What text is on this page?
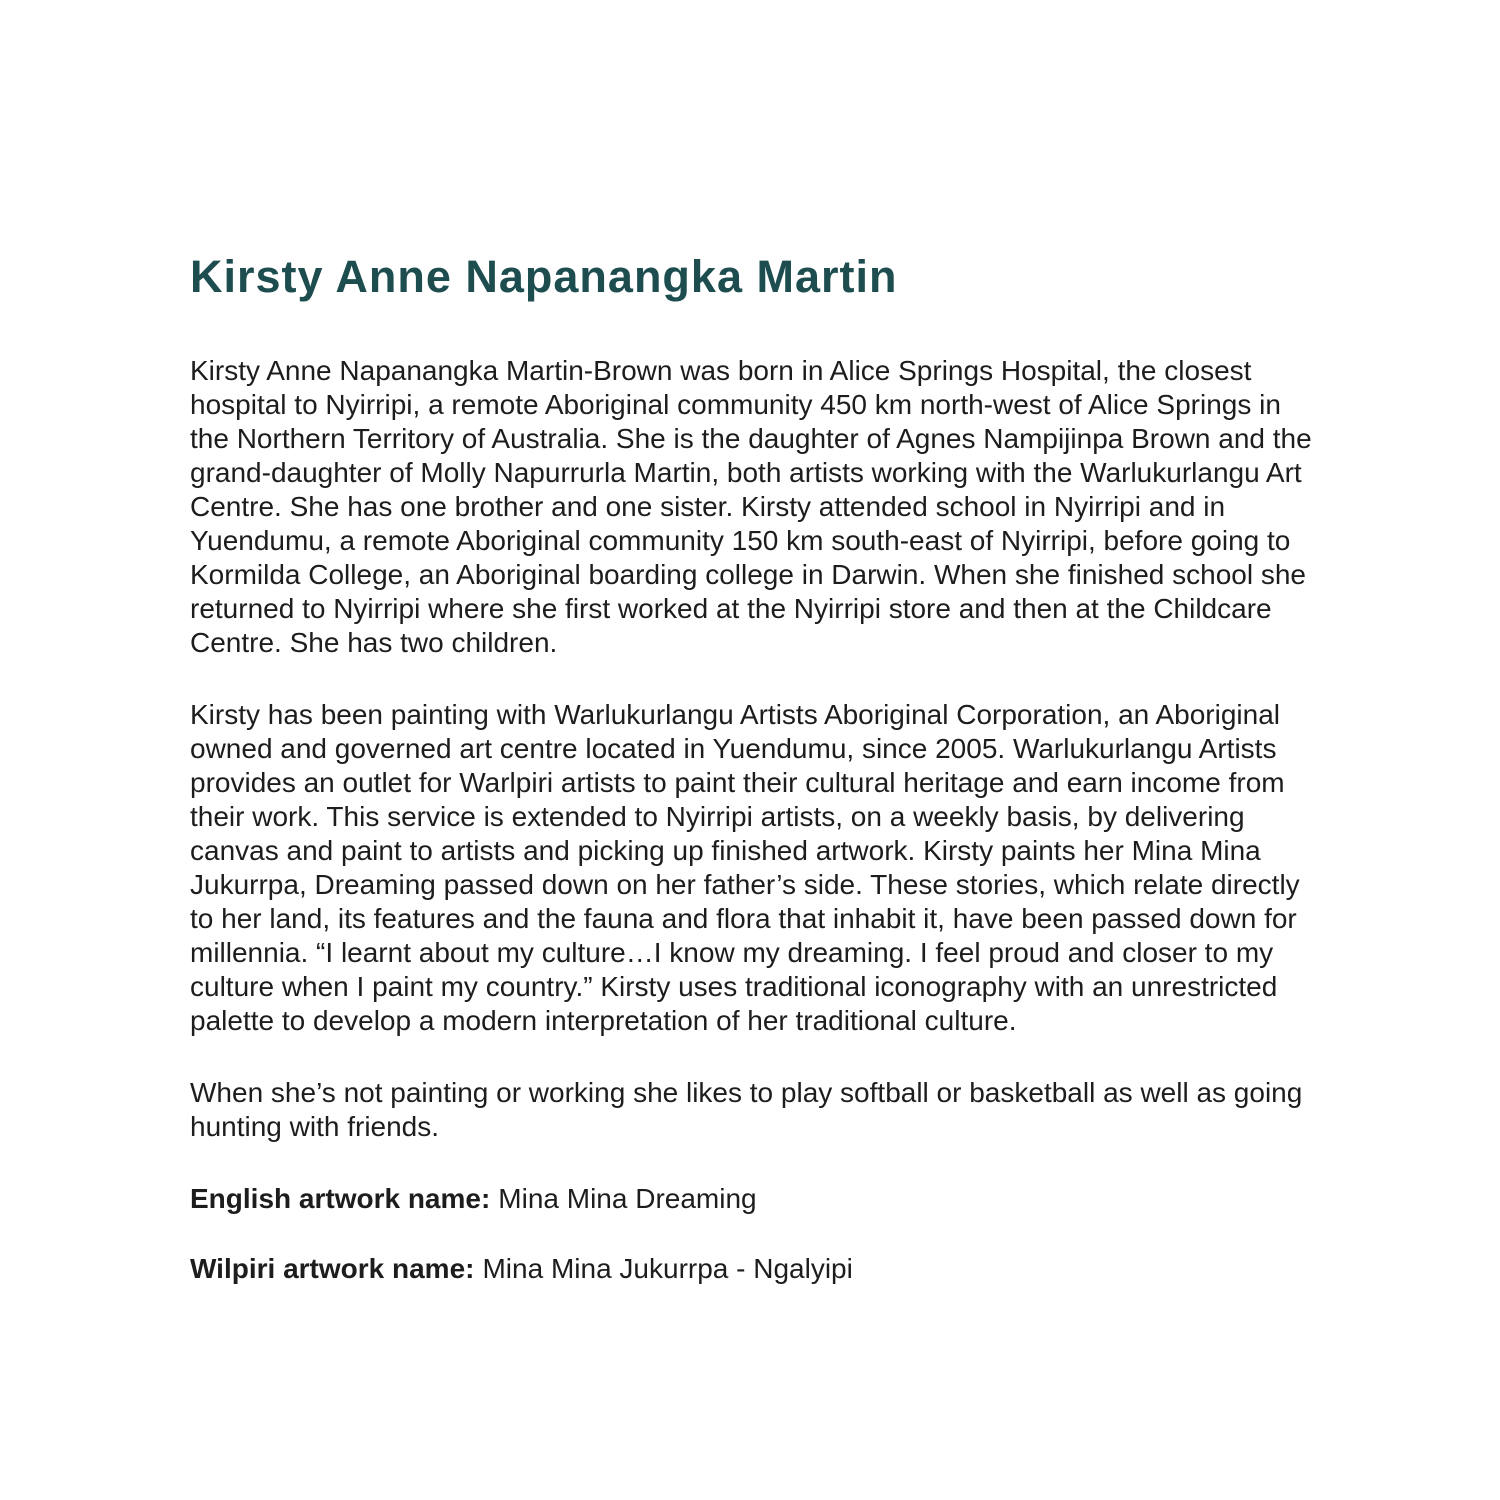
Kirsty Anne Napanangka Martin

Kirsty Anne Napanangka Martin-Brown was born in Alice Springs Hospital, the closest hospital to Nyirripi, a remote Aboriginal community 450 km north-west of Alice Springs in the Northern Territory of Australia. She is the daughter of Agnes Nampijinpa Brown and the grand-daughter of Molly Napurrurla Martin, both artists working with the Warlukurlangu Art Centre. She has one brother and one sister. Kirsty attended school in Nyirripi and in Yuendumu, a remote Aboriginal community 150 km south-east of Nyirripi, before going to Kormilda College, an Aboriginal boarding college in Darwin. When she finished school she returned to Nyirripi where she first worked at the Nyirripi store and then at the Childcare Centre. She has two children.

Kirsty has been painting with Warlukurlangu Artists Aboriginal Corporation, an Aboriginal owned and governed art centre located in Yuendumu, since 2005. Warlukurlangu Artists provides an outlet for Warlpiri artists to paint their cultural heritage and earn income from their work. This service is extended to Nyirripi artists, on a weekly basis, by delivering canvas and paint to artists and picking up finished artwork. Kirsty paints her Mina Mina Jukurrpa, Dreaming passed down on her father’s side. These stories, which relate directly to her land, its features and the fauna and flora that inhabit it, have been passed down for millennia. “I learnt about my culture…I know my dreaming. I feel proud and closer to my culture when I paint my country.” Kirsty uses traditional iconography with an unrestricted palette to develop a modern interpretation of her traditional culture.

When she’s not painting or working she likes to play softball or basketball as well as going hunting with friends.

English artwork name: Mina Mina Dreaming

Wilpiri artwork name: Mina Mina Jukurrpa - Ngalyipi
